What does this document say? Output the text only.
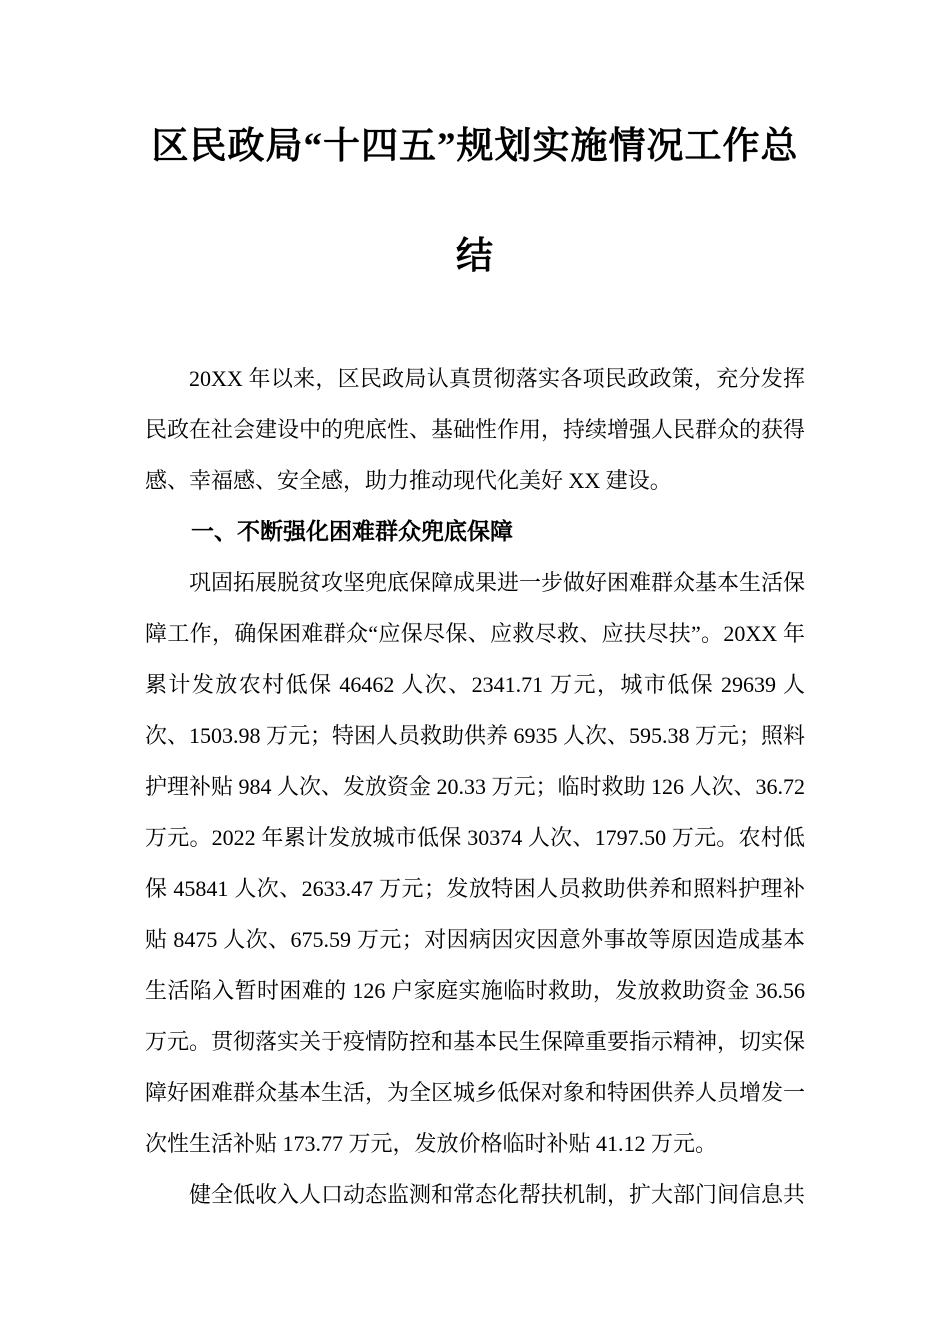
区民政局“十四五”规划实施情况工作总
结

20XX 年以来，区民政局认真贯彻落实各项民政政策，充分发挥民政在社会建设中的兜底性、基础性作用，持续增强人民群众的获得感、幸福感、安全感，助力推动现代化美好 XX 建设。

一、不断强化困难群众兜底保障

巩固拓展脱贫攻坚兜底保障成果进一步做好困难群众基本生活保障工作，确保困难群众“应保尽保、应救尽救、应扶尽扶”。20XX 年累计发放农村低保 46462 人次、2341.71 万元，城市低保 29639 人次、1503.98 万元；特困人员救助供养 6935 人次、595.38 万元；照料护理补贴 984 人次、发放资金 20.33 万元；临时救助 126 人次、36.72 万元。2022 年累计发放城市低保 30374 人次、1797.50 万元。农村低保 45841 人次、2633.47 万元；发放特困人员救助供养和照料护理补贴 8475 人次、675.59 万元；对因病因灾因意外事故等原因造成基本生活陷入暂时困难的 126 户家庭实施临时救助，发放救助资金 36.56 万元。贯彻落实关于疫情防控和基本民生保障重要指示精神，切实保障好困难群众基本生活，为全区城乡低保对象和特困供养人员增发一次性生活补贴 173.77 万元，发放价格临时补贴 41.12 万元。

健全低收入人口动态监测和常态化帮扶机制，扩大部门间信息共
